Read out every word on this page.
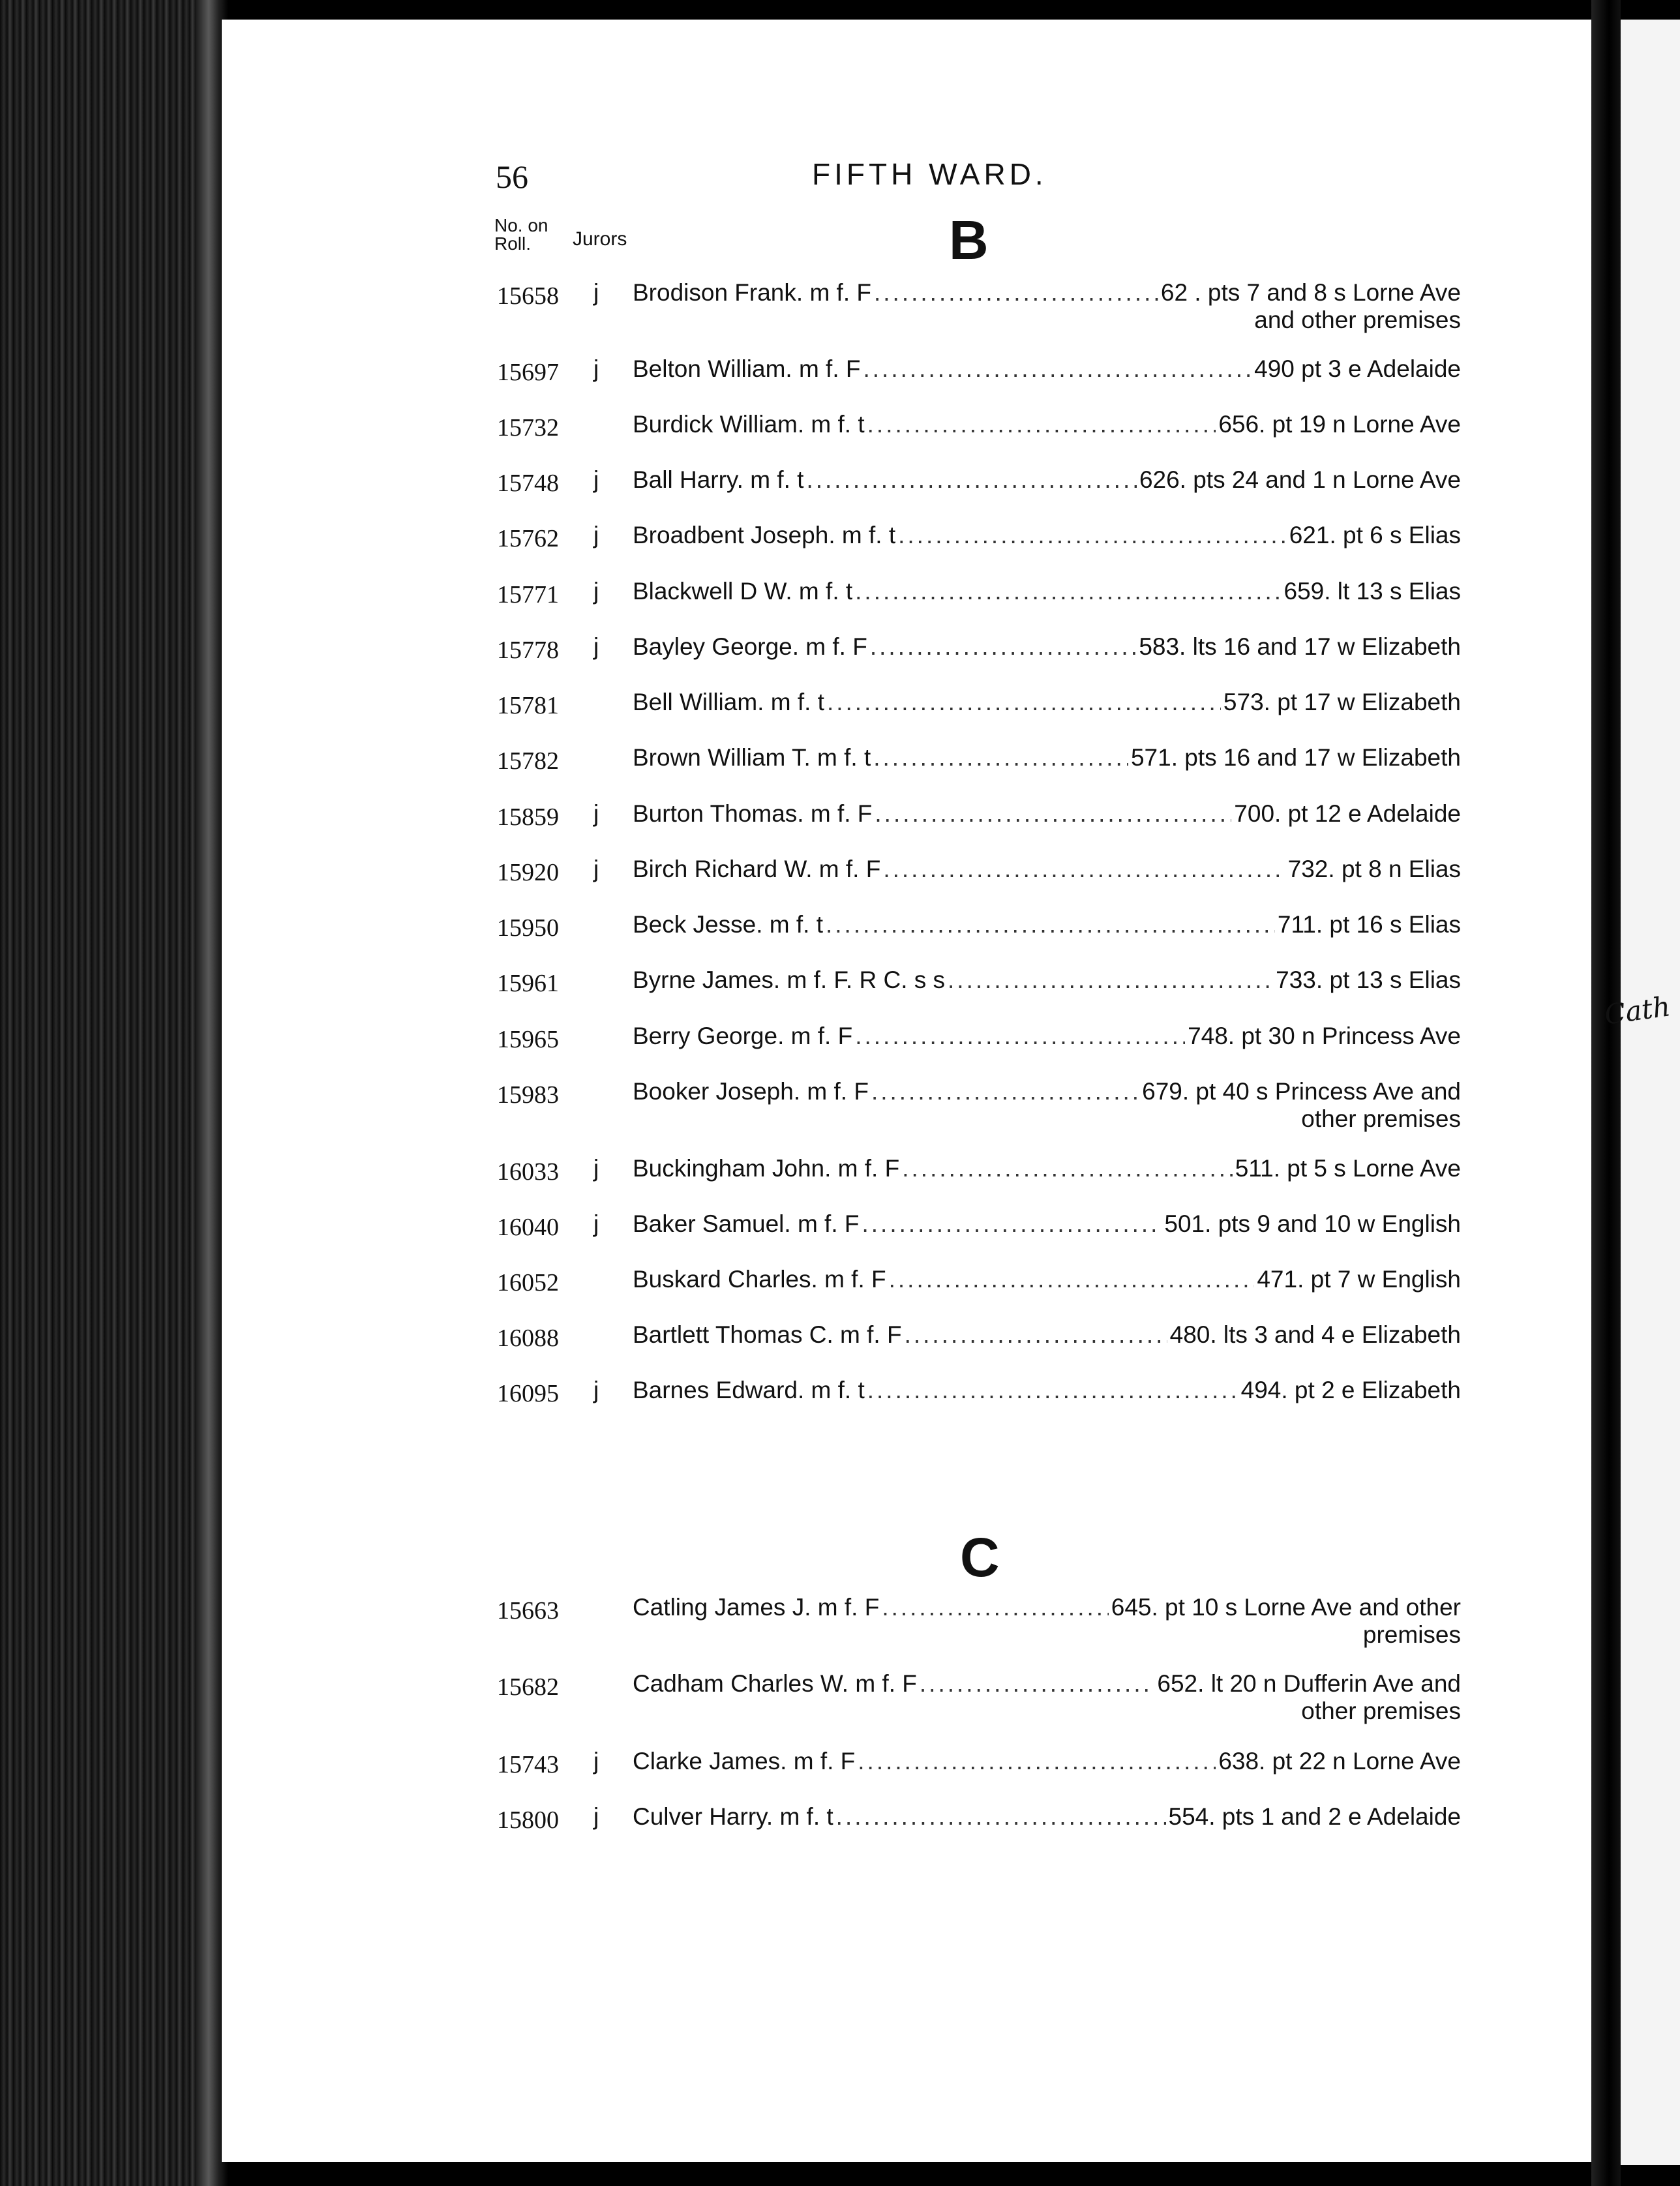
Cath
56	FIFTH WARD.
No. on
Roll.	Jurors	B
15658 j Brodison Frank. m f. F .....	62 . pts 7 and 8 s Lorne Ave
and other premises
15697 j Belton William. m f. F .....	490 pt 3 e Adelaide
15732	Burdick William. m f. t .....	656. pt 19 n Lorne Ave
15748 j Ball Harry. m f. t .....	626. pts 24 and 1 n Lorne Ave
15762 j Broadbent Joseph. m f. t .....	621. pt 6 s Elias
15771 j Blackwell D W. m f. t .....	659. lt 13 s Elias
15778 j Bayley George. m f. F .....	583. lts 16 and 17 w Elizabeth
15781	Bell William. m f. t .....	573. pt 17 w Elizabeth
15782	Brown William T. m f. t .....	571. pts 16 and 17 w Elizabeth
15859 j Burton Thomas. m f. F .....	700. pt 12 e Adelaide
15920 j Birch Richard W. m f. F .....	732. pt 8 n Elias
15950	Beck Jesse. m f. t .....	711. pt 16 s Elias
15961	Byrne James. m f. F. R C. s s .....	733. pt 13 s Elias
15965	Berry George. m f. F .....	748. pt 30 n Princess Ave
15983	Booker Joseph. m f. F .....	679. pt 40 s Princess Ave and
other premises
16033 j Buckingham John. m f. F .....	511. pt 5 s Lorne Ave
16040 j Baker Samuel. m f. F .....	501. pts 9 and 10 w English
16052	Buskard Charles. m f. F .....	471. pt 7 w English
16088	Bartlett Thomas C. m f. F .....	480. lts 3 and 4 e Elizabeth
16095 j Barnes Edward. m f. t .....	494. pt 2 e Elizabeth
C
15663	Catling James J. m f. F .....	645. pt 10 s Lorne Ave and other
premises
15682	Cadham Charles W. m f. F .....	652. lt 20 n Dufferin Ave and
other premises
15743 j Clarke James. m f. F .....	638. pt 22 n Lorne Ave
15800 j Culver Harry. m f. t .....	554. pts 1 and 2 e Adelaide
